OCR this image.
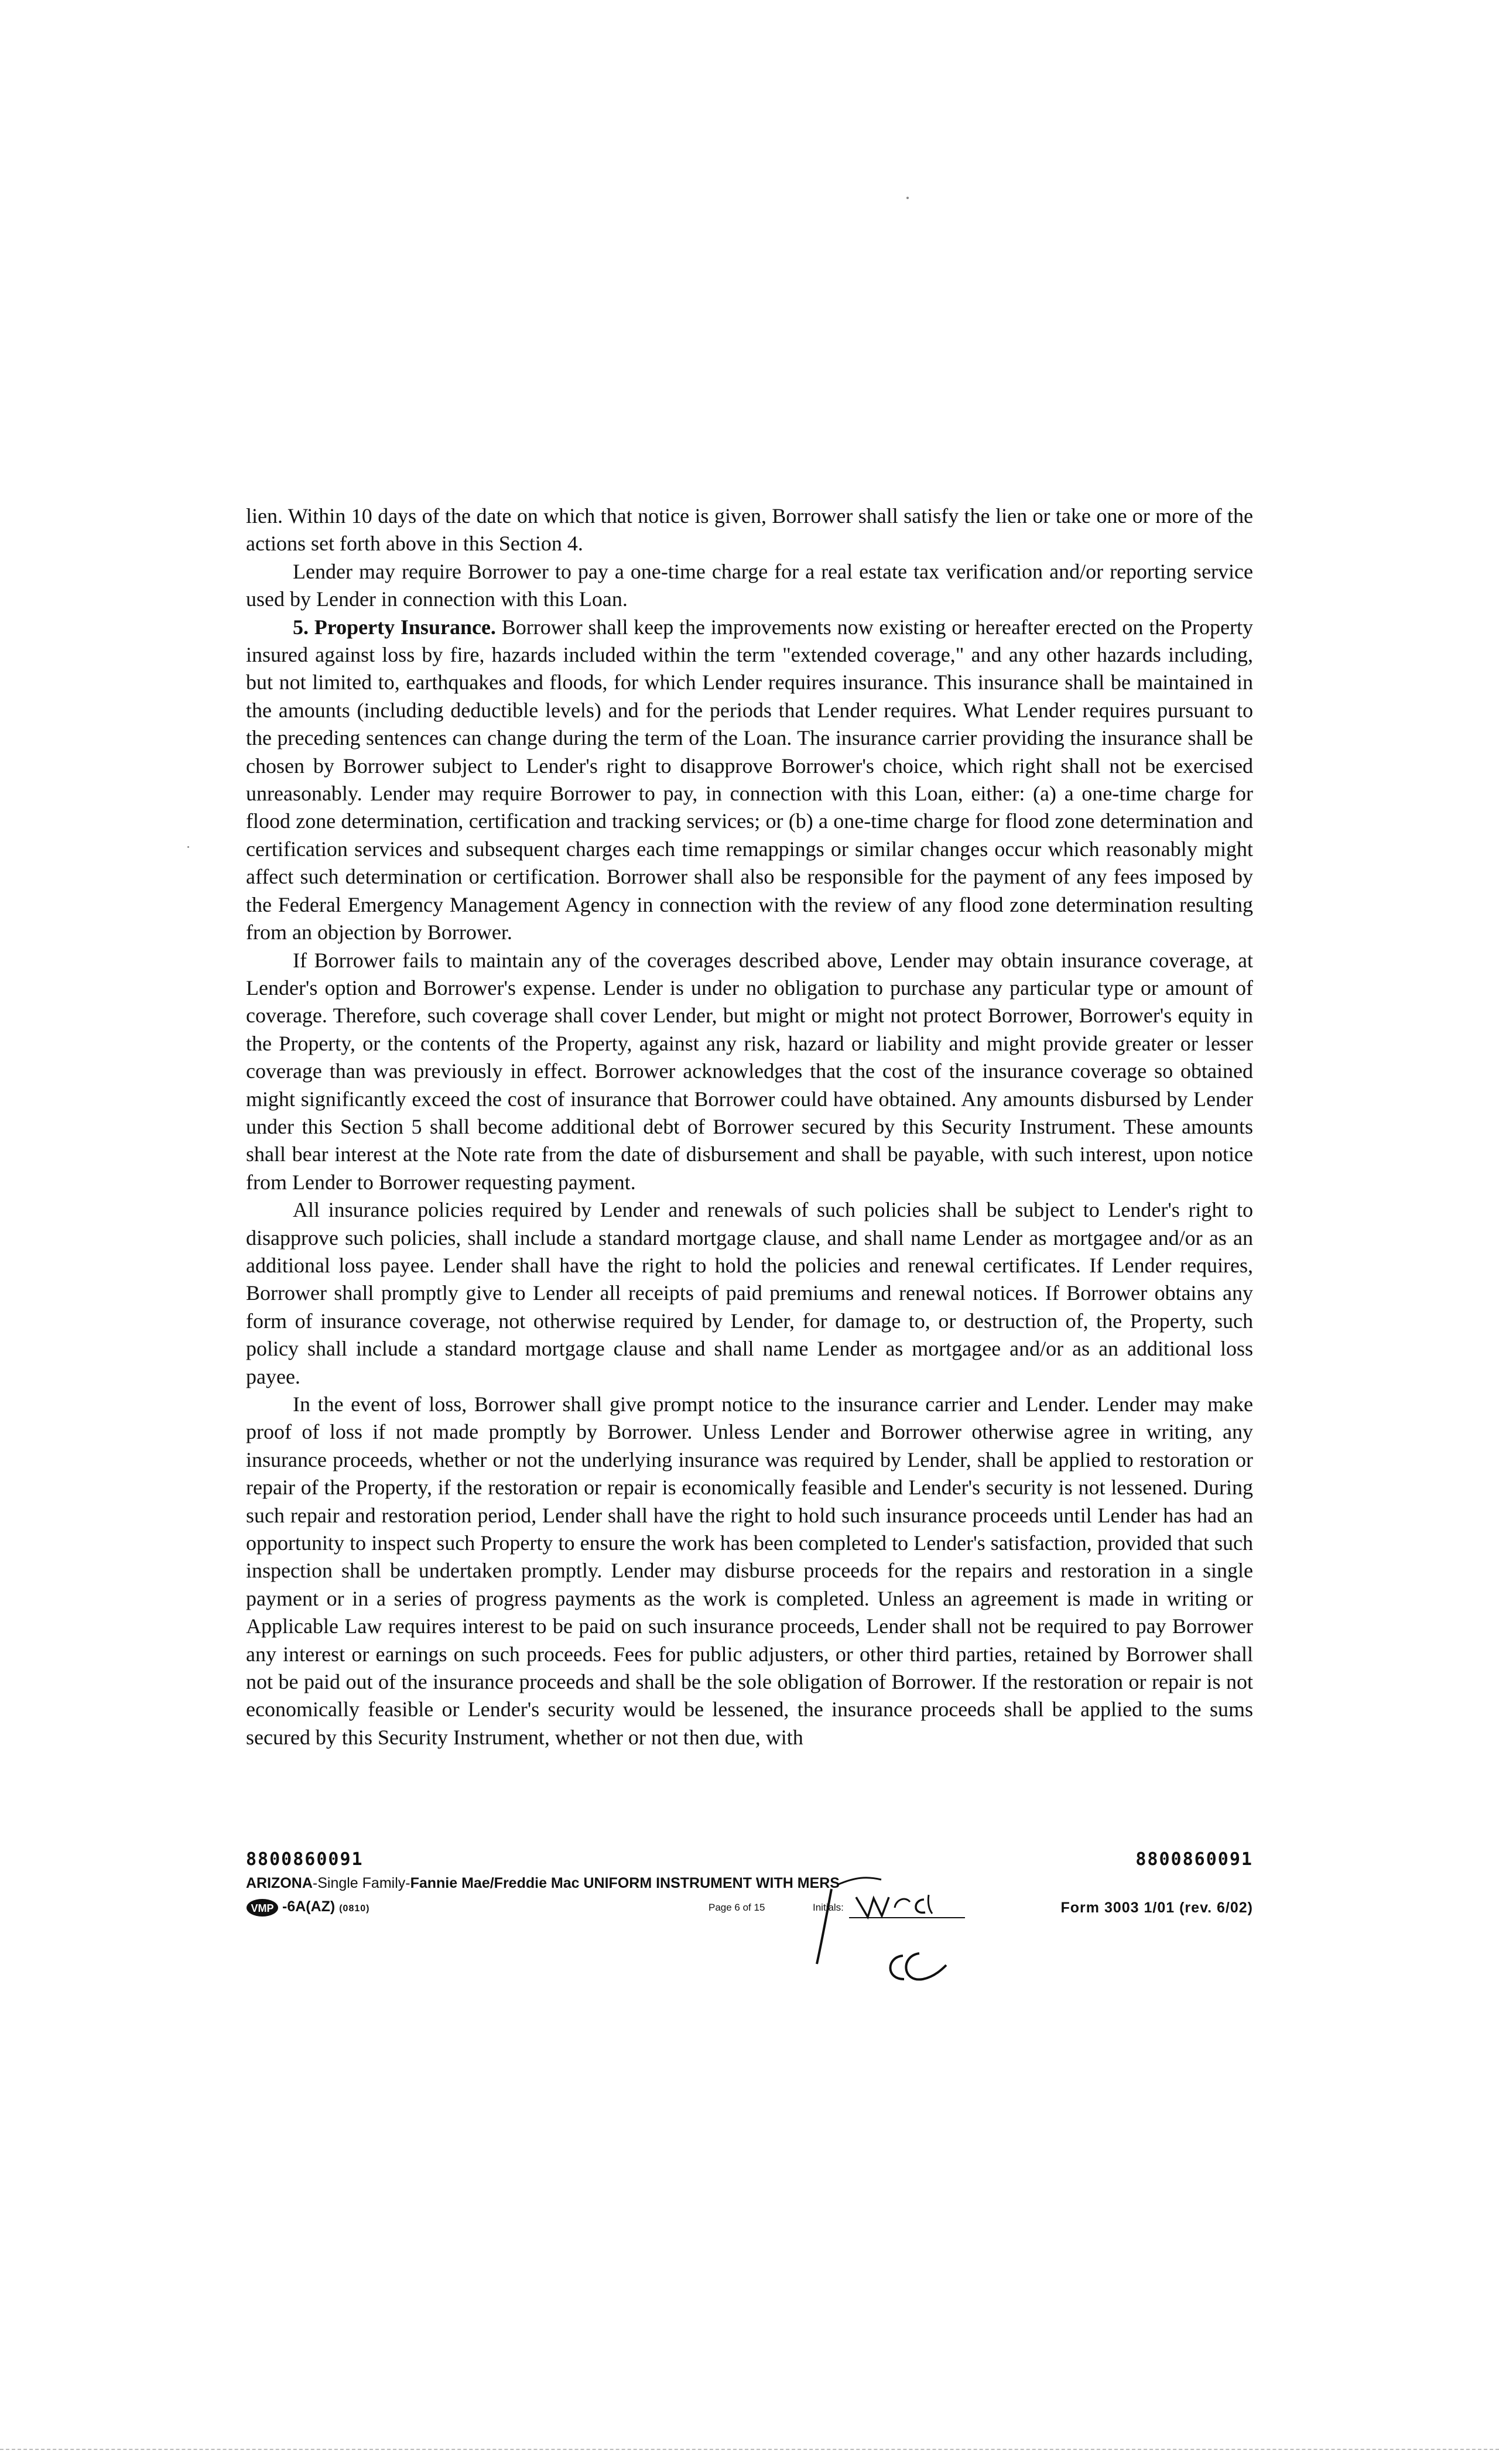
lien. Within 10 days of the date on which that notice is given, Borrower shall satisfy the lien or take one or more of the actions set forth above in this Section 4.

Lender may require Borrower to pay a one-time charge for a real estate tax verification and/or reporting service used by Lender in connection with this Loan.

5. Property Insurance. Borrower shall keep the improvements now existing or hereafter erected on the Property insured against loss by fire, hazards included within the term "extended coverage," and any other hazards including, but not limited to, earthquakes and floods, for which Lender requires insurance. This insurance shall be maintained in the amounts (including deductible levels) and for the periods that Lender requires. What Lender requires pursuant to the preceding sentences can change during the term of the Loan. The insurance carrier providing the insurance shall be chosen by Borrower subject to Lender's right to disapprove Borrower's choice, which right shall not be exercised unreasonably. Lender may require Borrower to pay, in connection with this Loan, either: (a) a one-time charge for flood zone determination, certification and tracking services; or (b) a one-time charge for flood zone determination and certification services and subsequent charges each time remappings or similar changes occur which reasonably might affect such determination or certification. Borrower shall also be responsible for the payment of any fees imposed by the Federal Emergency Management Agency in connection with the review of any flood zone determination resulting from an objection by Borrower.

If Borrower fails to maintain any of the coverages described above, Lender may obtain insurance coverage, at Lender's option and Borrower's expense. Lender is under no obligation to purchase any particular type or amount of coverage. Therefore, such coverage shall cover Lender, but might or might not protect Borrower, Borrower's equity in the Property, or the contents of the Property, against any risk, hazard or liability and might provide greater or lesser coverage than was previously in effect. Borrower acknowledges that the cost of the insurance coverage so obtained might significantly exceed the cost of insurance that Borrower could have obtained. Any amounts disbursed by Lender under this Section 5 shall become additional debt of Borrower secured by this Security Instrument. These amounts shall bear interest at the Note rate from the date of disbursement and shall be payable, with such interest, upon notice from Lender to Borrower requesting payment.

All insurance policies required by Lender and renewals of such policies shall be subject to Lender's right to disapprove such policies, shall include a standard mortgage clause, and shall name Lender as mortgagee and/or as an additional loss payee. Lender shall have the right to hold the policies and renewal certificates. If Lender requires, Borrower shall promptly give to Lender all receipts of paid premiums and renewal notices. If Borrower obtains any form of insurance coverage, not otherwise required by Lender, for damage to, or destruction of, the Property, such policy shall include a standard mortgage clause and shall name Lender as mortgagee and/or as an additional loss payee.

In the event of loss, Borrower shall give prompt notice to the insurance carrier and Lender. Lender may make proof of loss if not made promptly by Borrower. Unless Lender and Borrower otherwise agree in writing, any insurance proceeds, whether or not the underlying insurance was required by Lender, shall be applied to restoration or repair of the Property, if the restoration or repair is economically feasible and Lender's security is not lessened. During such repair and restoration period, Lender shall have the right to hold such insurance proceeds until Lender has had an opportunity to inspect such Property to ensure the work has been completed to Lender's satisfaction, provided that such inspection shall be undertaken promptly. Lender may disburse proceeds for the repairs and restoration in a single payment or in a series of progress payments as the work is completed. Unless an agreement is made in writing or Applicable Law requires interest to be paid on such insurance proceeds, Lender shall not be required to pay Borrower any interest or earnings on such proceeds. Fees for public adjusters, or other third parties, retained by Borrower shall not be paid out of the insurance proceeds and shall be the sole obligation of Borrower. If the restoration or repair is not economically feasible or Lender's security would be lessened, the insurance proceeds shall be applied to the sums secured by this Security Instrument, whether or not then due, with

8800860091	8800860091
ARIZONA-Single Family-Fannie Mae/Freddie Mac UNIFORM INSTRUMENT WITH MERS
VMP -6A(AZ) (0810)	Page 6 of 15	Initials:	Form 3003 1/01 (rev. 6/02)
